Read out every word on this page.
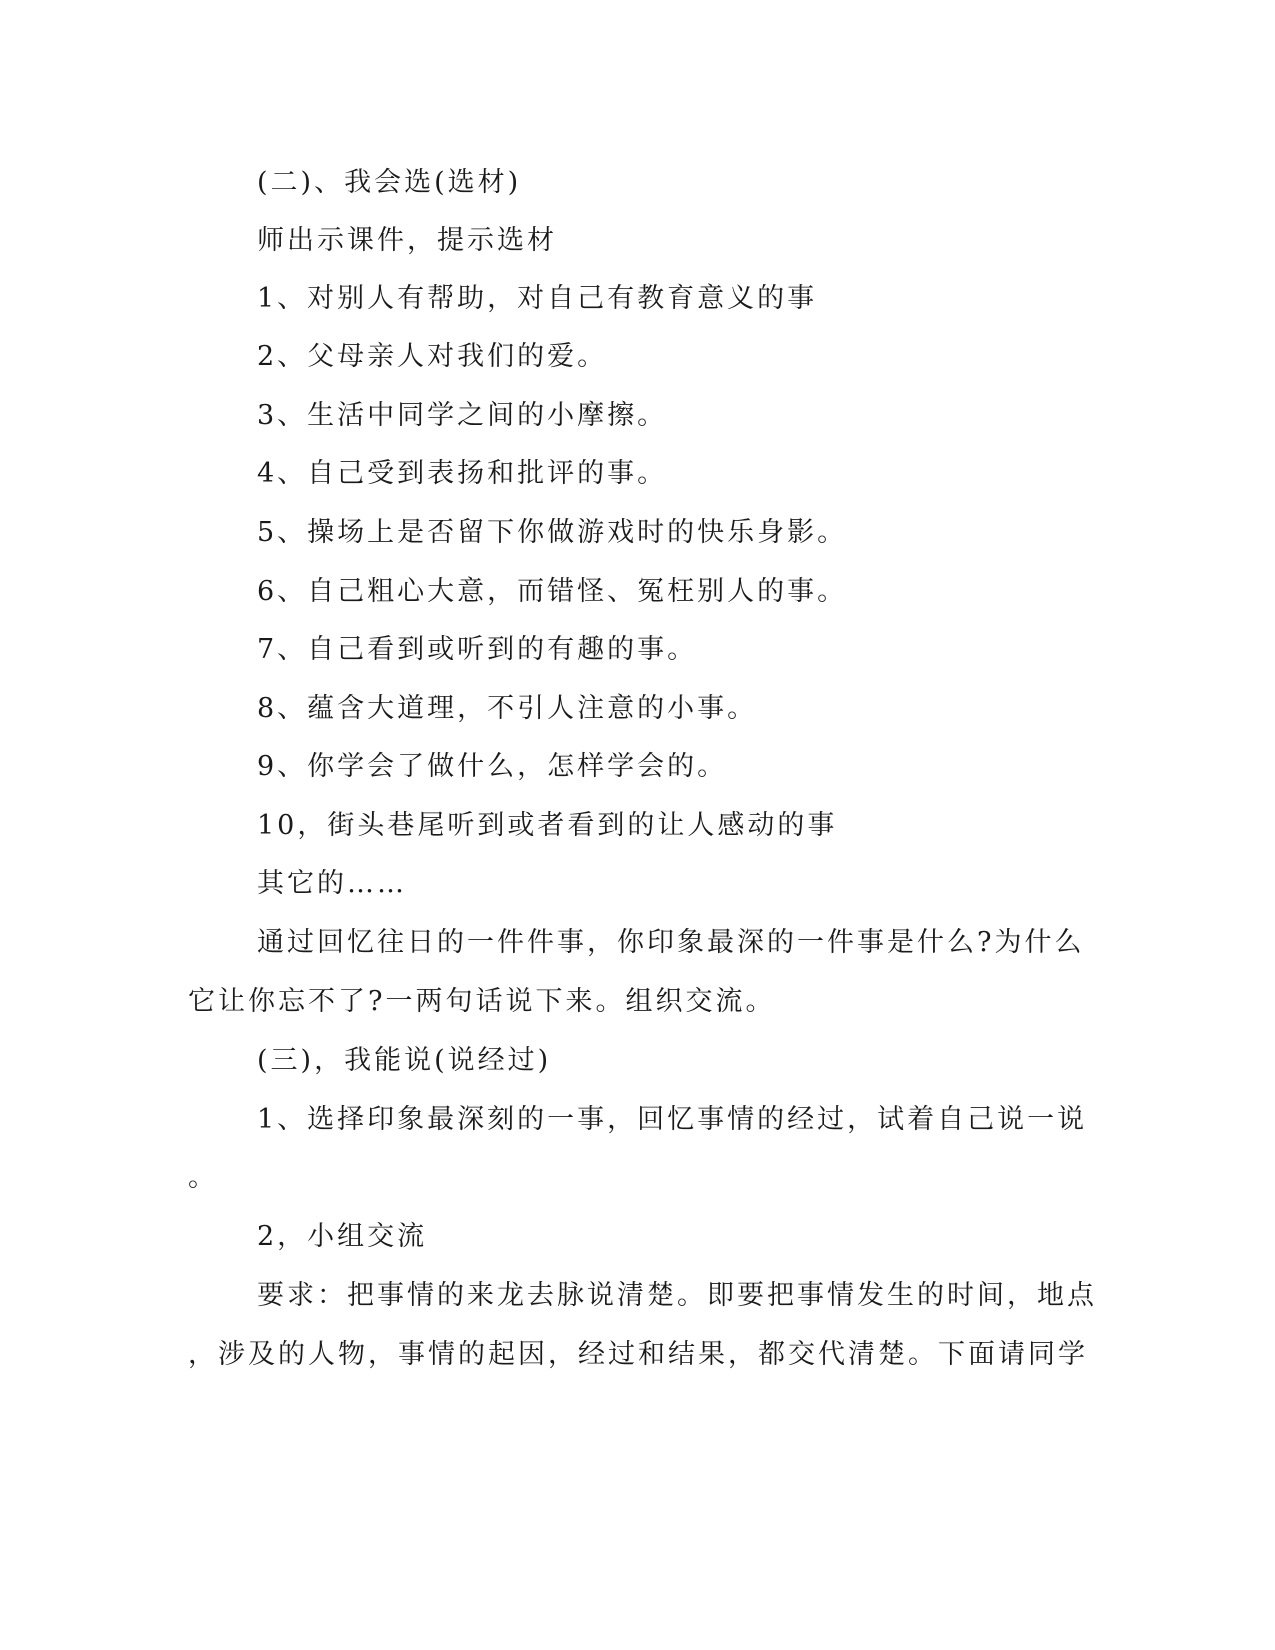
(二)、我会选(选材)
师出示课件，提示选材
1、对别人有帮助，对自己有教育意义的事
2、父母亲人对我们的爱。
3、生活中同学之间的小摩擦。
4、自己受到表扬和批评的事。
5、操场上是否留下你做游戏时的快乐身影。
6、自己粗心大意，而错怪、冤枉别人的事。
7、自己看到或听到的有趣的事。
8、蕴含大道理，不引人注意的小事。
9、你学会了做什么，怎样学会的。
10，街头巷尾听到或者看到的让人感动的事
其它的……
通过回忆往日的一件件事，你印象最深的一件事是什么?为什么
它让你忘不了?一两句话说下来。组织交流。
(三)，我能说(说经过)
1、选择印象最深刻的一事，回忆事情的经过，试着自己说一说
。
2，小组交流
要求：把事情的来龙去脉说清楚。即要把事情发生的时间，地点
，涉及的人物，事情的起因，经过和结果，都交代清楚。下面请同学
